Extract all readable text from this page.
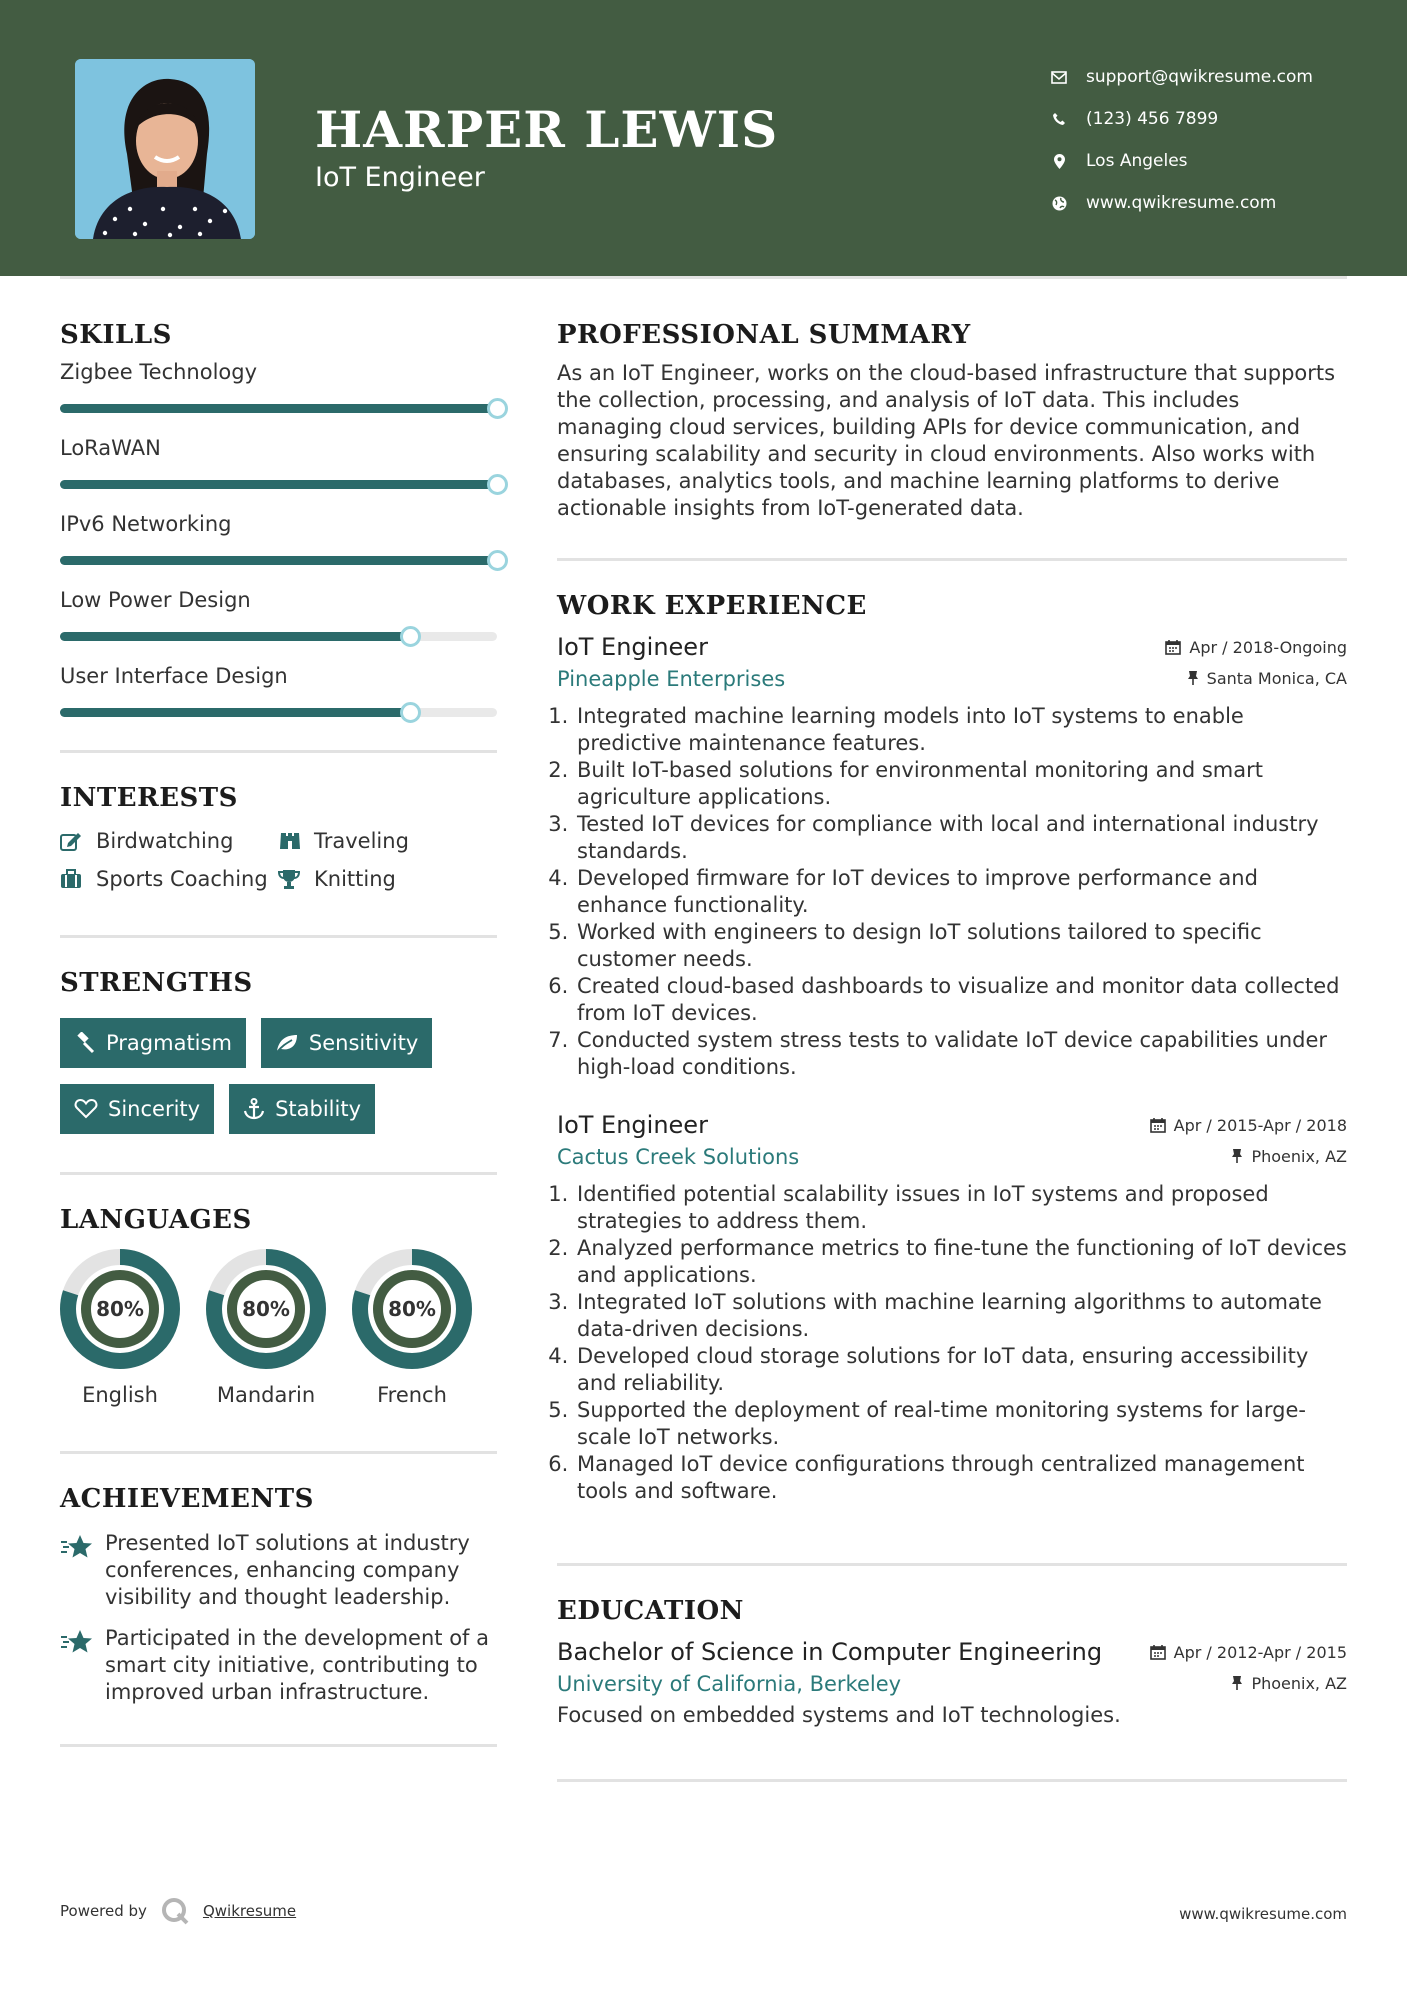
HARPER LEWIS
IoT Engineer
support@qwikresume.com
(123) 456 7899
Los Angeles
www.qwikresume.com
SKILLS
Zigbee Technology
LoRaWAN
IPv6 Networking
Low Power Design
User Interface Design
INTERESTS
Birdwatching	Traveling
Sports Coaching Knitting
STRENGTHS
Pragmatism	Sensitivity
Sincerity	Stability
LANGUAGES
80%
English
80%
Mandarin
80%
French
ACHIEVEMENTS
Presented IoT solutions at industry conferences, enhancing company visibility and thought leadership.
Participated in the development of a smart city initiative, contributing to improved urban infrastructure.
PROFESSIONAL SUMMARY
As an IoT Engineer, works on the cloud-based infrastructure that supports the collection, processing, and analysis of IoT data. This includes managing cloud services, building APIs for device communication, and ensuring scalability and security in cloud environments. Also works with databases, analytics tools, and machine learning platforms to derive actionable insights from IoT-generated data.
WORK EXPERIENCE
IoT Engineer	Apr / 2018-Ongoing
Pineapple Enterprises	Santa Monica, CA
1. Integrated machine learning models into IoT systems to enable predictive maintenance features.
2. Built IoT-based solutions for environmental monitoring and smart agriculture applications.
3. Tested IoT devices for compliance with local and international industry standards.
4. Developed firmware for IoT devices to improve performance and enhance functionality.
5. Worked with engineers to design IoT solutions tailored to specific customer needs.
6. Created cloud-based dashboards to visualize and monitor data collected from IoT devices.
7. Conducted system stress tests to validate IoT device capabilities under high-load conditions.
IoT Engineer	Apr / 2015-Apr / 2018
Cactus Creek Solutions	Phoenix, AZ
1. Identified potential scalability issues in IoT systems and proposed strategies to address them.
2. Analyzed performance metrics to fine-tune the functioning of IoT devices and applications.
3. Integrated IoT solutions with machine learning algorithms to automate data-driven decisions.
4. Developed cloud storage solutions for IoT data, ensuring accessibility and reliability.
5. Supported the deployment of real-time monitoring systems for large-scale IoT networks.
6. Managed IoT device configurations through centralized management tools and software.
EDUCATION
Bachelor of Science in Computer Engineering	Apr / 2012-Apr / 2015
University of California, Berkeley	Phoenix, AZ
Focused on embedded systems and IoT technologies.
Powered by	Qwikresume	www.qwikresume.com
